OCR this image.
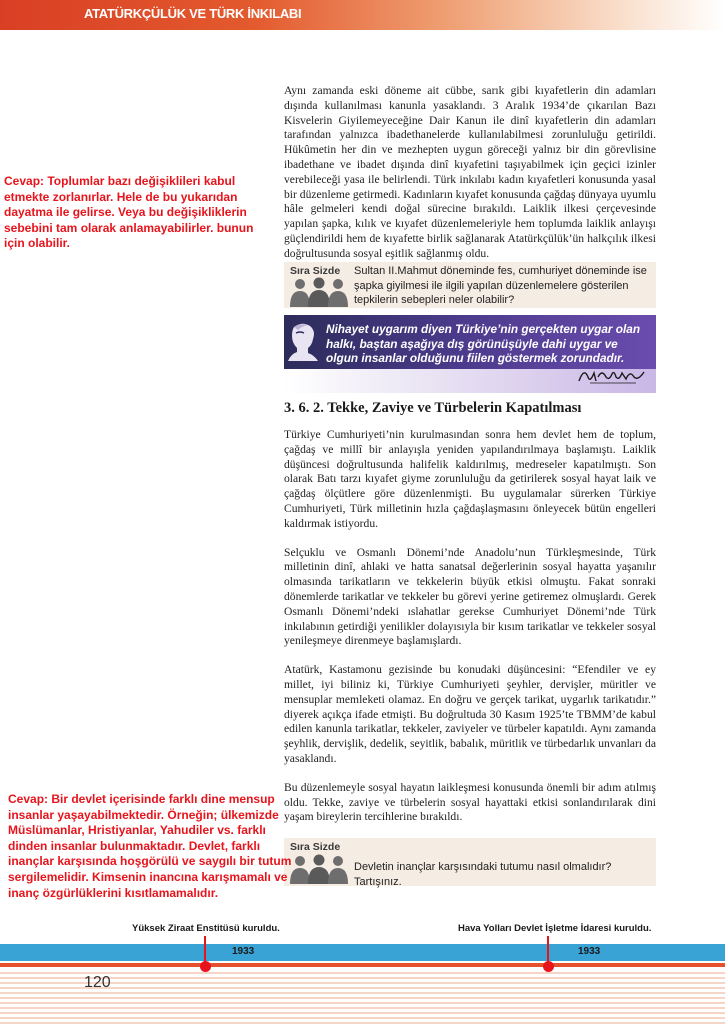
ATATÜRKÇÜLÜK VE TÜRK İNKILABI

Aynı zamanda eski döneme ait cübbe, sarık gibi kıyafetlerin din adamları dışında kullanılması kanunla yasaklandı. 3 Aralık 1934’de çıkarılan Bazı Kisvelerin Giyilemeyeceğine Dair Kanun ile dinî kıyafetlerin din adamları tarafından yalnızca ibadethanelerde kullanılabilmesi zorunluluğu getirildi. Hükûmetin her din ve mezhepten uygun göreceği yalnız bir din görevlisine ibadethane ve ibadet dışında dinî kıyafetini taşıyabilmek için geçici izinler verebileceği yasa ile belirlendi. Türk inkılabı kadın kıyafetleri konusunda yasal bir düzenleme getirmedi. Kadınların kıyafet konusunda çağdaş dünyaya uyumlu hâle gelmeleri kendi doğal sürecine bırakıldı. Laiklik ilkesi çerçevesinde yapılan şapka, kılık ve kıyafet düzenlemeleriyle hem toplumda laiklik anlayışı güçlendirildi hem de kıyafette birlik sağlanarak Atatürkçülük’ün halkçılık ilkesi doğrultusunda sosyal eşitlik sağlanmış oldu.

Cevap: Toplumlar bazı değişiklileri kabul etmekte zorlanırlar. Hele de bu yukarıdan dayatma ile gelirse. Veya bu değişikliklerin sebebini tam olarak anlamayabilirler. bunun için olabilir.
Sıra Sizde Sultan II.Mahmut döneminde fes, cumhuriyet döneminde ise şapka giyilmesi ile ilgili yapılan düzenlemelere gösterilen tepkilerin sebepleri neler olabilir?

Nihayet uygarım diyen Türkiye’nin gerçekten uygar olan halkı, baştan aşağıya dış görünüşüyle dahi uygar ve olgun insanlar olduğunu fiilen göstermek zorundadır.

3. 6. 2. Tekke, Zaviye ve Türbelerin Kapatılması

Türkiye Cumhuriyeti’nin kurulmasından sonra hem devlet hem de toplum, çağdaş ve millî bir anlayışla yeniden yapılandırılmaya başlamıştı. Laiklik düşüncesi doğrultusunda halifelik kaldırılmış, medreseler kapatılmıştı. Son olarak Batı tarzı kıyafet giyme zorunluluğu da getirilerek sosyal hayat laik ve çağdaş ölçütlere göre düzenlenmişti. Bu uygulamalar sürerken Türkiye Cumhuriyeti, Türk milletinin hızla çağdaşlaşmasını önleyecek bütün engelleri kaldırmak istiyordu.

Selçuklu ve Osmanlı Dönemi’nde Anadolu’nun Türkleşmesinde, Türk milletinin dinî, ahlaki ve hatta sanatsal değerlerinin sosyal hayatta yaşanılır olmasında tarikatların ve tekkelerin büyük etkisi olmuştu. Fakat sonraki dönemlerde tarikatlar ve tekkeler bu görevi yerine getiremez olmuşlardı. Gerek Osmanlı Dönemi’ndeki ıslahatlar gerekse Cumhuriyet Dönemi’nde Türk inkılabının getirdiği yenilikler dolayısıyla bir kısım tarikatlar ve tekkeler sosyal yenileşmeye direnmeye başlamışlardı.

Atatürk, Kastamonu gezisinde bu konudaki düşüncesini: “Efendiler ve ey millet, iyi biliniz ki, Türkiye Cumhuriyeti şeyhler, dervişler, müritler ve mensuplar memleketi olamaz. En doğru ve gerçek tarikat, uygarlık tarikatıdır.” diyerek açıkça ifade etmişti. Bu doğrultuda 30 Kasım 1925’te TBMM’de kabul edilen kanunla tarikatlar, tekkeler, zaviyeler ve türbeler kapatıldı. Aynı zamanda şeyhlik, dervişlik, dedelik, seyitlik, babalık, müritlik ve türbedarlık unvanları da yasaklandı.

Bu düzenlemeyle sosyal hayatın laikleşmesi konusunda önemli bir adım atılmış oldu. Tekke, zaviye ve türbelerin sosyal hayattaki etkisi sonlandırılarak dini yaşam bireylerin tercihlerine bırakıldı.

Sıra Sizde

Devletin inançlar karşısındaki tutumu nasıl olmalıdır? Tartışınız.

Cevap: Bir devlet içerisinde farklı dine mensup insanlar yaşayabilmektedir. Örneğin; ülkemizde Müslümanlar, Hristiyanlar, Yahudiler vs. farklı dinden insanlar bulunmaktadır. Devlet, farklı inançlar karşısında hoşgörülü ve saygılı bir tutum sergilemelidir. Kimsenin inancına karışmamalı ve inanç özgürlüklerini kısıtlamamalıdır.
Yüksek Ziraat Enstitüsü kuruldu.	Hava Yolları Devlet İşletme İdaresi kuruldu.
1933	1933
120
